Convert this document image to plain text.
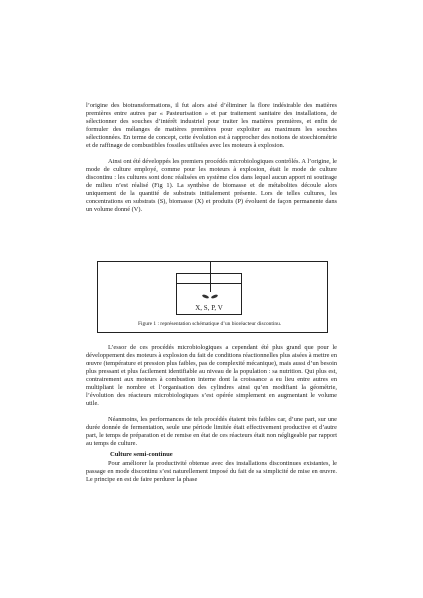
l’origine des biotransformations, il fut alors aisé d’éliminer la flore indésirable des matières premières entre autres par « Pasteurisation » et par traitement sanitaire des installations, de sélectionner des souches d’intérêt industriel pour traiter les matières premières, et enfin de formuler des mélanges de matières premières pour exploiter au maximum les souches sélectionnées. En terme de concept, cette évolution est à rapprocher des notions de stoechiométrie et de raffinage de combustibles fossiles utilisées avec les moteurs à explosion.

Ainsi ont été développés les premiers procédés microbiologiques contrôlés. A l’origine, le mode de culture employé, comme pour les moteurs à explosion, était le mode de culture discontinu : les cultures sont donc réalisées en système clos dans lequel aucun apport ni soutirage de milieu n’est réalisé (Fig 1). La synthèse de biomasse et de métabolites découle alors uniquement de la quantité de substrats initialement présente. Lors de telles cultures, les concentrations en substrats (S), biomasse (X) et produits (P) évoluent de façon permanente dans un volume donné (V).

X, S, P, V
Figure 1 : représentation schématique d’un bioréacteur discontinu.

L’essor de ces procédés microbiologiques a cependant été plus grand que pour le développement des moteurs à explosion du fait de conditions réactionnelles plus aisées à mettre en œuvre (température et pression plus faibles, pas de complexité mécanique), mais aussi d’un besoin plus pressant et plus facilement identifiable au niveau de la population : sa nutrition. Qui plus est, contrairement aux moteurs à combustion interne dont la croissance a eu lieu entre autres en multipliant le nombre et l’organisation des cylindres ainsi qu’en modifiant la géométrie, l’évolution des réacteurs microbiologiques s’est opérée simplement en augmentant le volume utile.

Néanmoins, les performances de tels procédés étaient très faibles car, d’une part, sur une durée donnée de fermentation, seule une période limitée était effectivement productive et d’autre part, le temps de préparation et de remise en état de ces réacteurs était non négligeable par rapport au temps de culture.

Culture semi-continue

Pour améliorer la productivité obtenue avec des installations discontinues existantes, le passage en mode discontinu s’est naturellement imposé du fait de sa simplicité de mise en œuvre. Le principe en est de faire perdurer la phase
